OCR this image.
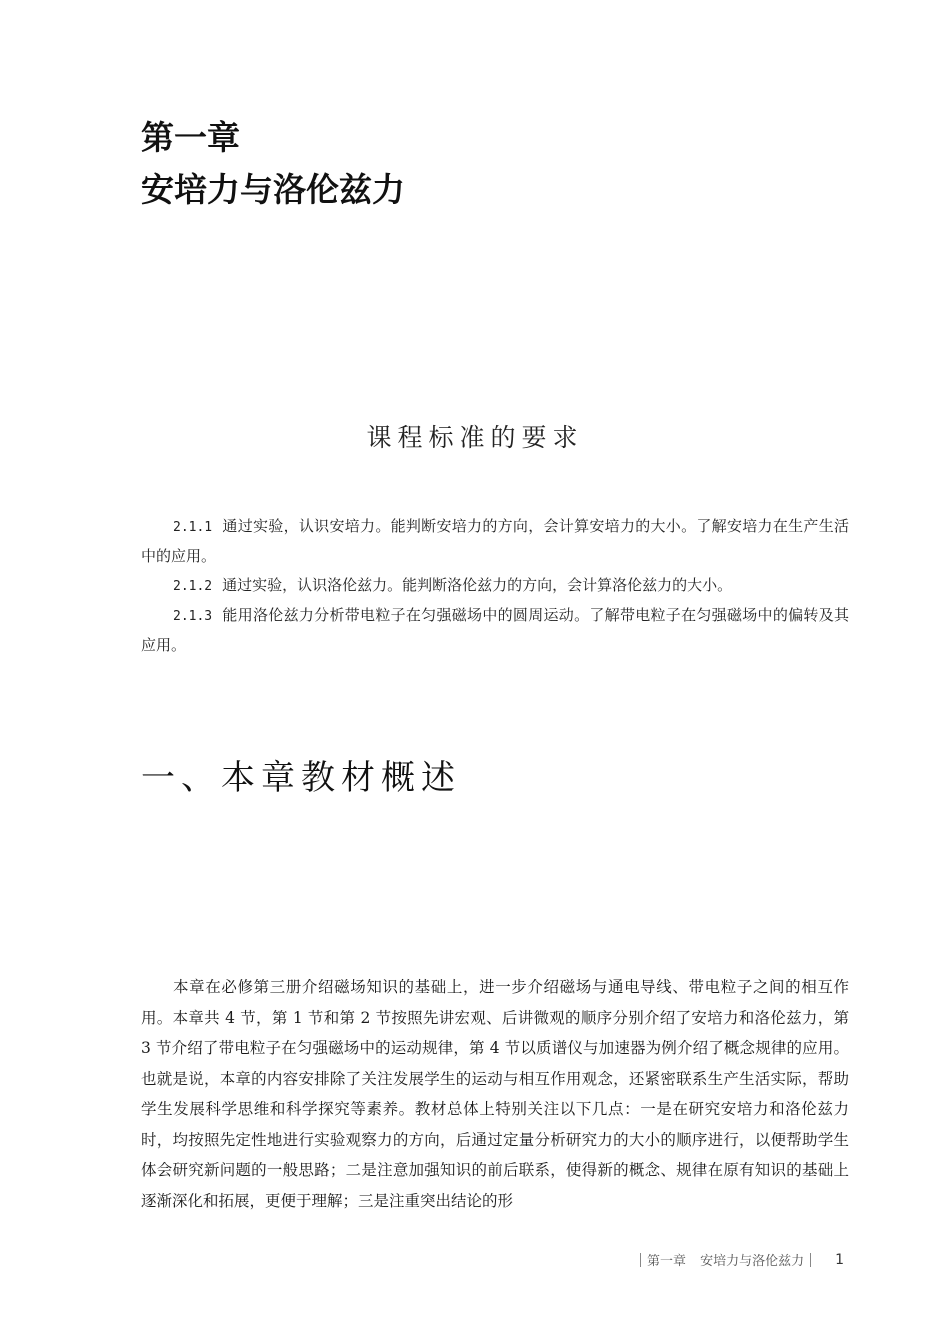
第一章
安培力与洛伦兹力
课程标准的要求

2.1.1 通过实验，认识安培力。能判断安培力的方向，会计算安培力的大小。了解安培力在生产生活中的应用。

2.1.2 通过实验，认识洛伦兹力。能判断洛伦兹力的方向，会计算洛伦兹力的大小。

2.1.3 能用洛伦兹力分析带电粒子在匀强磁场中的圆周运动。了解带电粒子在匀强磁场中的偏转及其应用。

一、本章教材概述

本章在必修第三册介绍磁场知识的基础上，进一步介绍磁场与通电导线、带电粒子之间的相互作用。本章共 4 节，第 1 节和第 2 节按照先讲宏观、后讲微观的顺序分别介绍了安培力和洛伦兹力，第 3 节介绍了带电粒子在匀强磁场中的运动规律，第 4 节以质谱仪与加速器为例介绍了概念规律的应用。也就是说，本章的内容安排除了关注发展学生的运动与相互作用观念，还紧密联系生产生活实际，帮助学生发展科学思维和科学探究等素养。教材总体上特别关注以下几点：一是在研究安培力和洛伦兹力时，均按照先定性地进行实验观察力的方向，后通过定量分析研究力的大小的顺序进行，以便帮助学生体会研究新问题的一般思路；二是注意加强知识的前后联系，使得新的概念、规律在原有知识的基础上逐渐深化和拓展，更便于理解；三是注重突出结论的形

第一章 安培力与洛伦兹力 1
